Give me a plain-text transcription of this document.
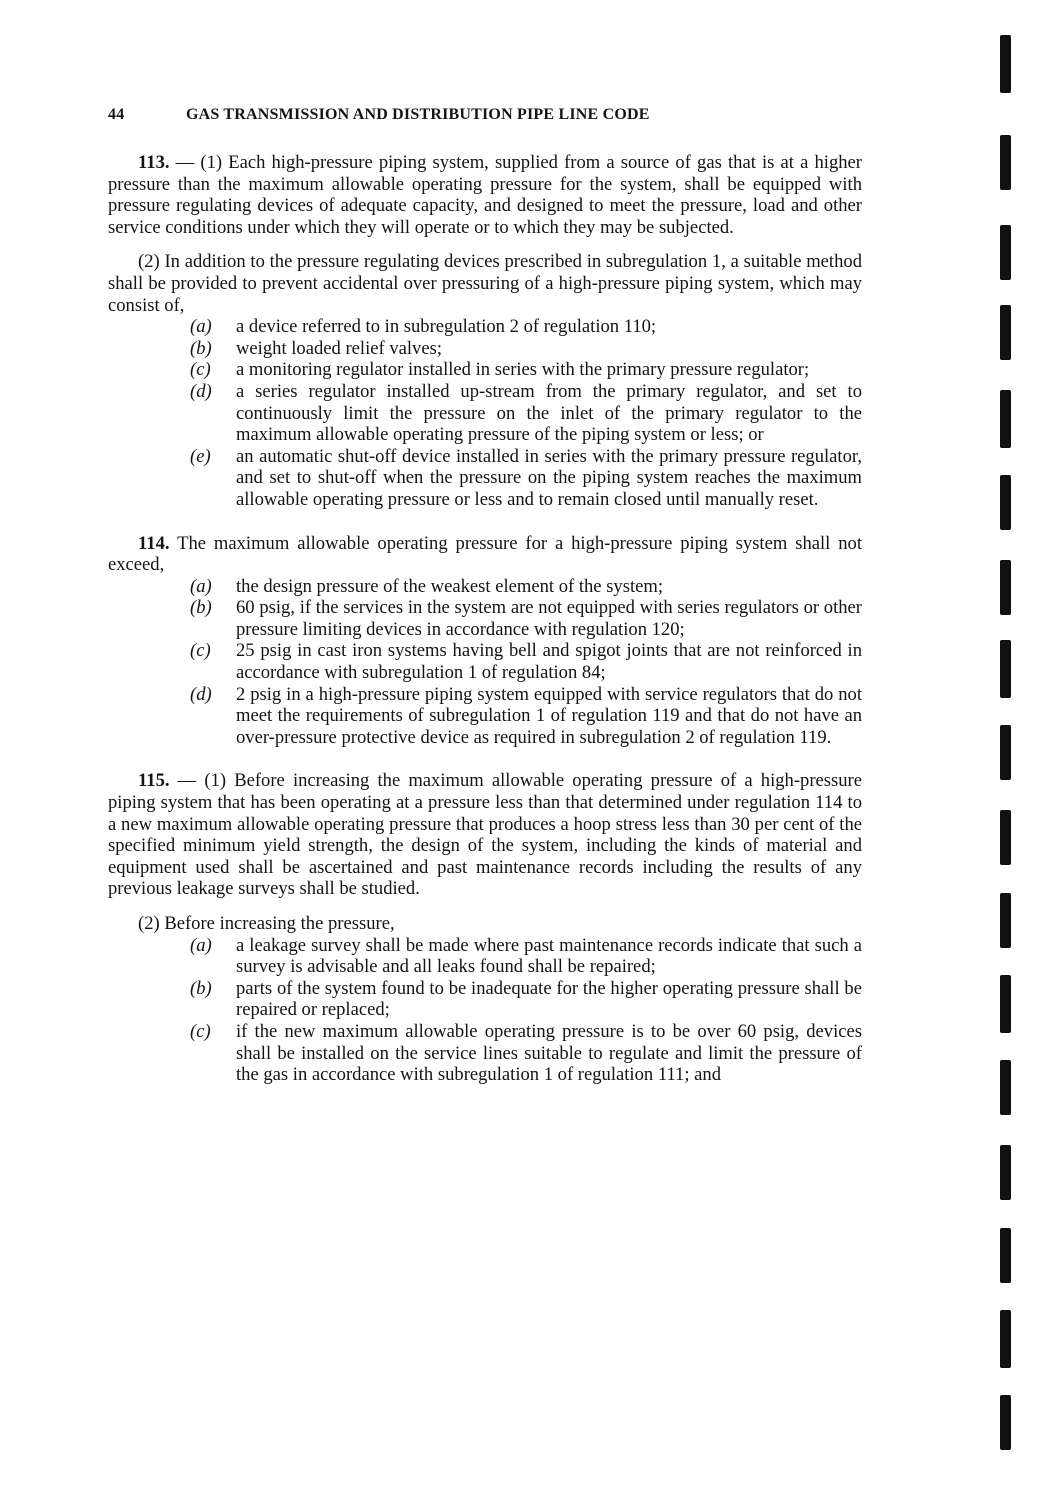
44	GAS TRANSMISSION AND DISTRIBUTION PIPE LINE CODE

113. — (1) Each high-pressure piping system, supplied from a source of gas that is at a higher pressure than the maximum allowable operating pressure for the system, shall be equipped with pressure regulating devices of adequate capacity, and designed to meet the pressure, load and other service conditions under which they will operate or to which they may be subjected.

(2) In addition to the pressure regulating devices prescribed in subregulation 1, a suitable method shall be provided to prevent accidental over pressuring of a high-pressure piping system, which may consist of,

(a) a device referred to in subregulation 2 of regulation 110;
(b) weight loaded relief valves;
(c) a monitoring regulator installed in series with the primary pressure regulator;
(d) a series regulator installed up-stream from the primary regulator, and set to continuously limit the pressure on the inlet of the primary regulator to the maximum allowable operating pressure of the piping system or less; or
(e) an automatic shut-off device installed in series with the primary pressure regulator, and set to shut-off when the pressure on the piping system reaches the maximum allowable operating pressure or less and to remain closed until manually reset.

114. The maximum allowable operating pressure for a high-pressure piping system shall not exceed,

(a) the design pressure of the weakest element of the system;
(b) 60 psig, if the services in the system are not equipped with series regulators or other pressure limiting devices in accordance with regulation 120;
(c) 25 psig in cast iron systems having bell and spigot joints that are not reinforced in accordance with subregulation 1 of regulation 84;
(d) 2 psig in a high-pressure piping system equipped with service regulators that do not meet the requirements of subregulation 1 of regulation 119 and that do not have an over-pressure protective device as required in subregulation 2 of regulation 119.

115. — (1) Before increasing the maximum allowable operating pressure of a high-pressure piping system that has been operating at a pressure less than that determined under regulation 114 to a new maximum allowable operating pressure that produces a hoop stress less than 30 per cent of the specified minimum yield strength, the design of the system, including the kinds of material and equipment used shall be ascertained and past maintenance records including the results of any previous leakage surveys shall be studied.

(2) Before increasing the pressure,

(a) a leakage survey shall be made where past maintenance records indicate that such a survey is advisable and all leaks found shall be repaired;
(b) parts of the system found to be inadequate for the higher operating pressure shall be repaired or replaced;
(c) if the new maximum allowable operating pressure is to be over 60 psig, devices shall be installed on the service lines suitable to regulate and limit the pressure of the gas in accordance with subregulation 1 of regulation 111; and
